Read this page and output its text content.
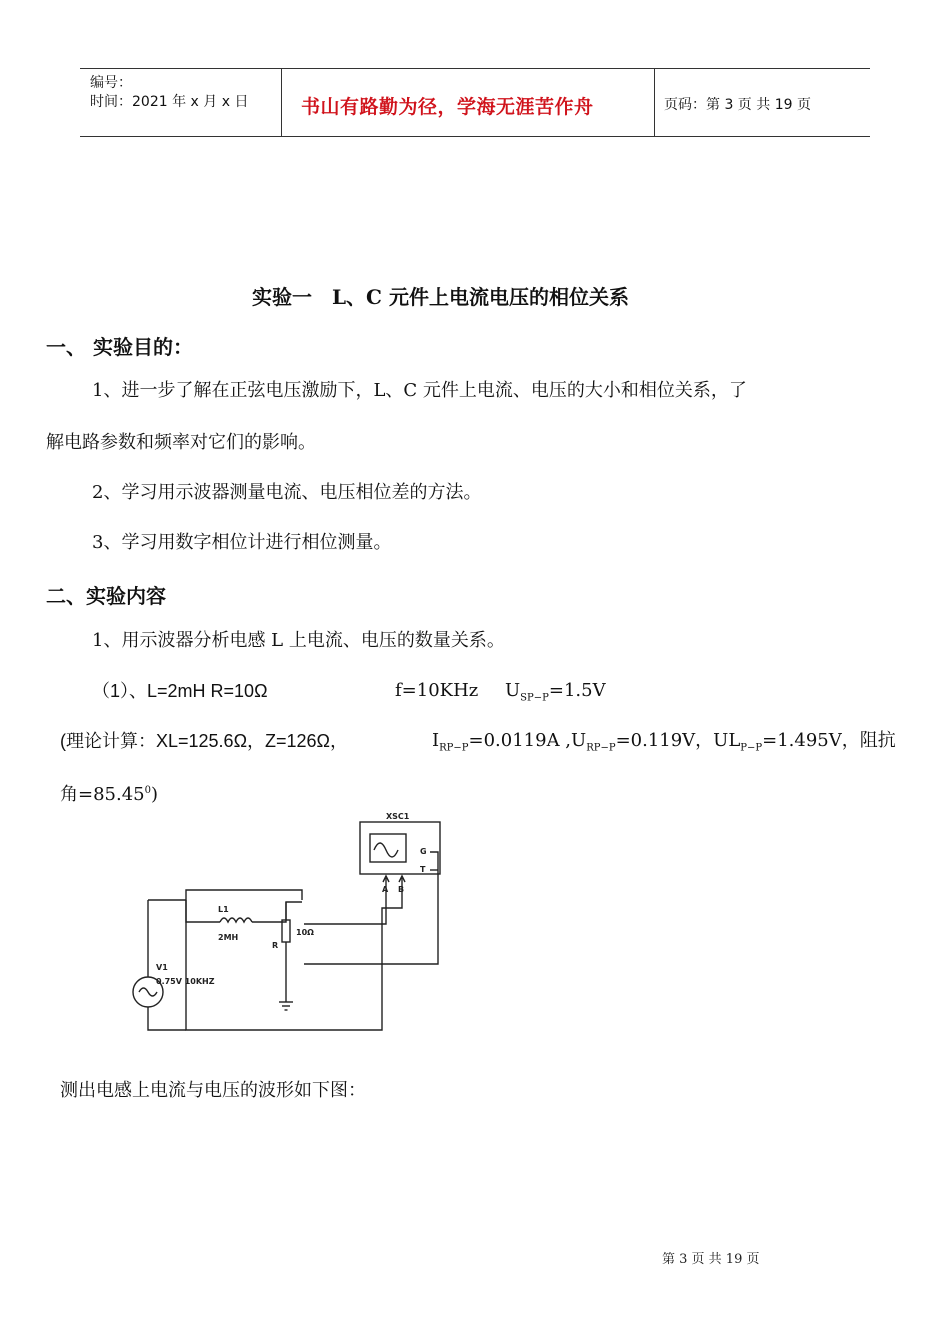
编号：
时间：2021 年 x 月 x 日	书山有路勤为径，学海无涯苦作舟	页码：第 3 页 共 19 页
实验一　L、C 元件上电流电压的相位关系
一、 实验目的：
1、进一步了解在正弦电压激励下，L、C 元件上电流、电压的大小和相位关系，了
解电路参数和频率对它们的影响。
2、学习用示波器测量电流、电压相位差的方法。
3、学习用数字相位计进行相位测量。
二、实验内容
1、用示波器分析电感 L 上电流、电压的数量关系。
（1）、L=2mH R=10Ω	f=10KHz $U_{SP-P}=1.5V$
(理论计算：XL=125.6Ω，Z=126Ω，	$I_{RP-P}=0.0119A$ $,U_{RP-P}=0.119V$，$UL_{P-P}=1.495V$，阻抗
角$=85.45^0$)
XSC1
G
T
A B
L1
2MH
R
10Ω
V1
0.75V 10KHZ
测出电感上电流与电压的波形如下图：
第 3 页 共 19 页
